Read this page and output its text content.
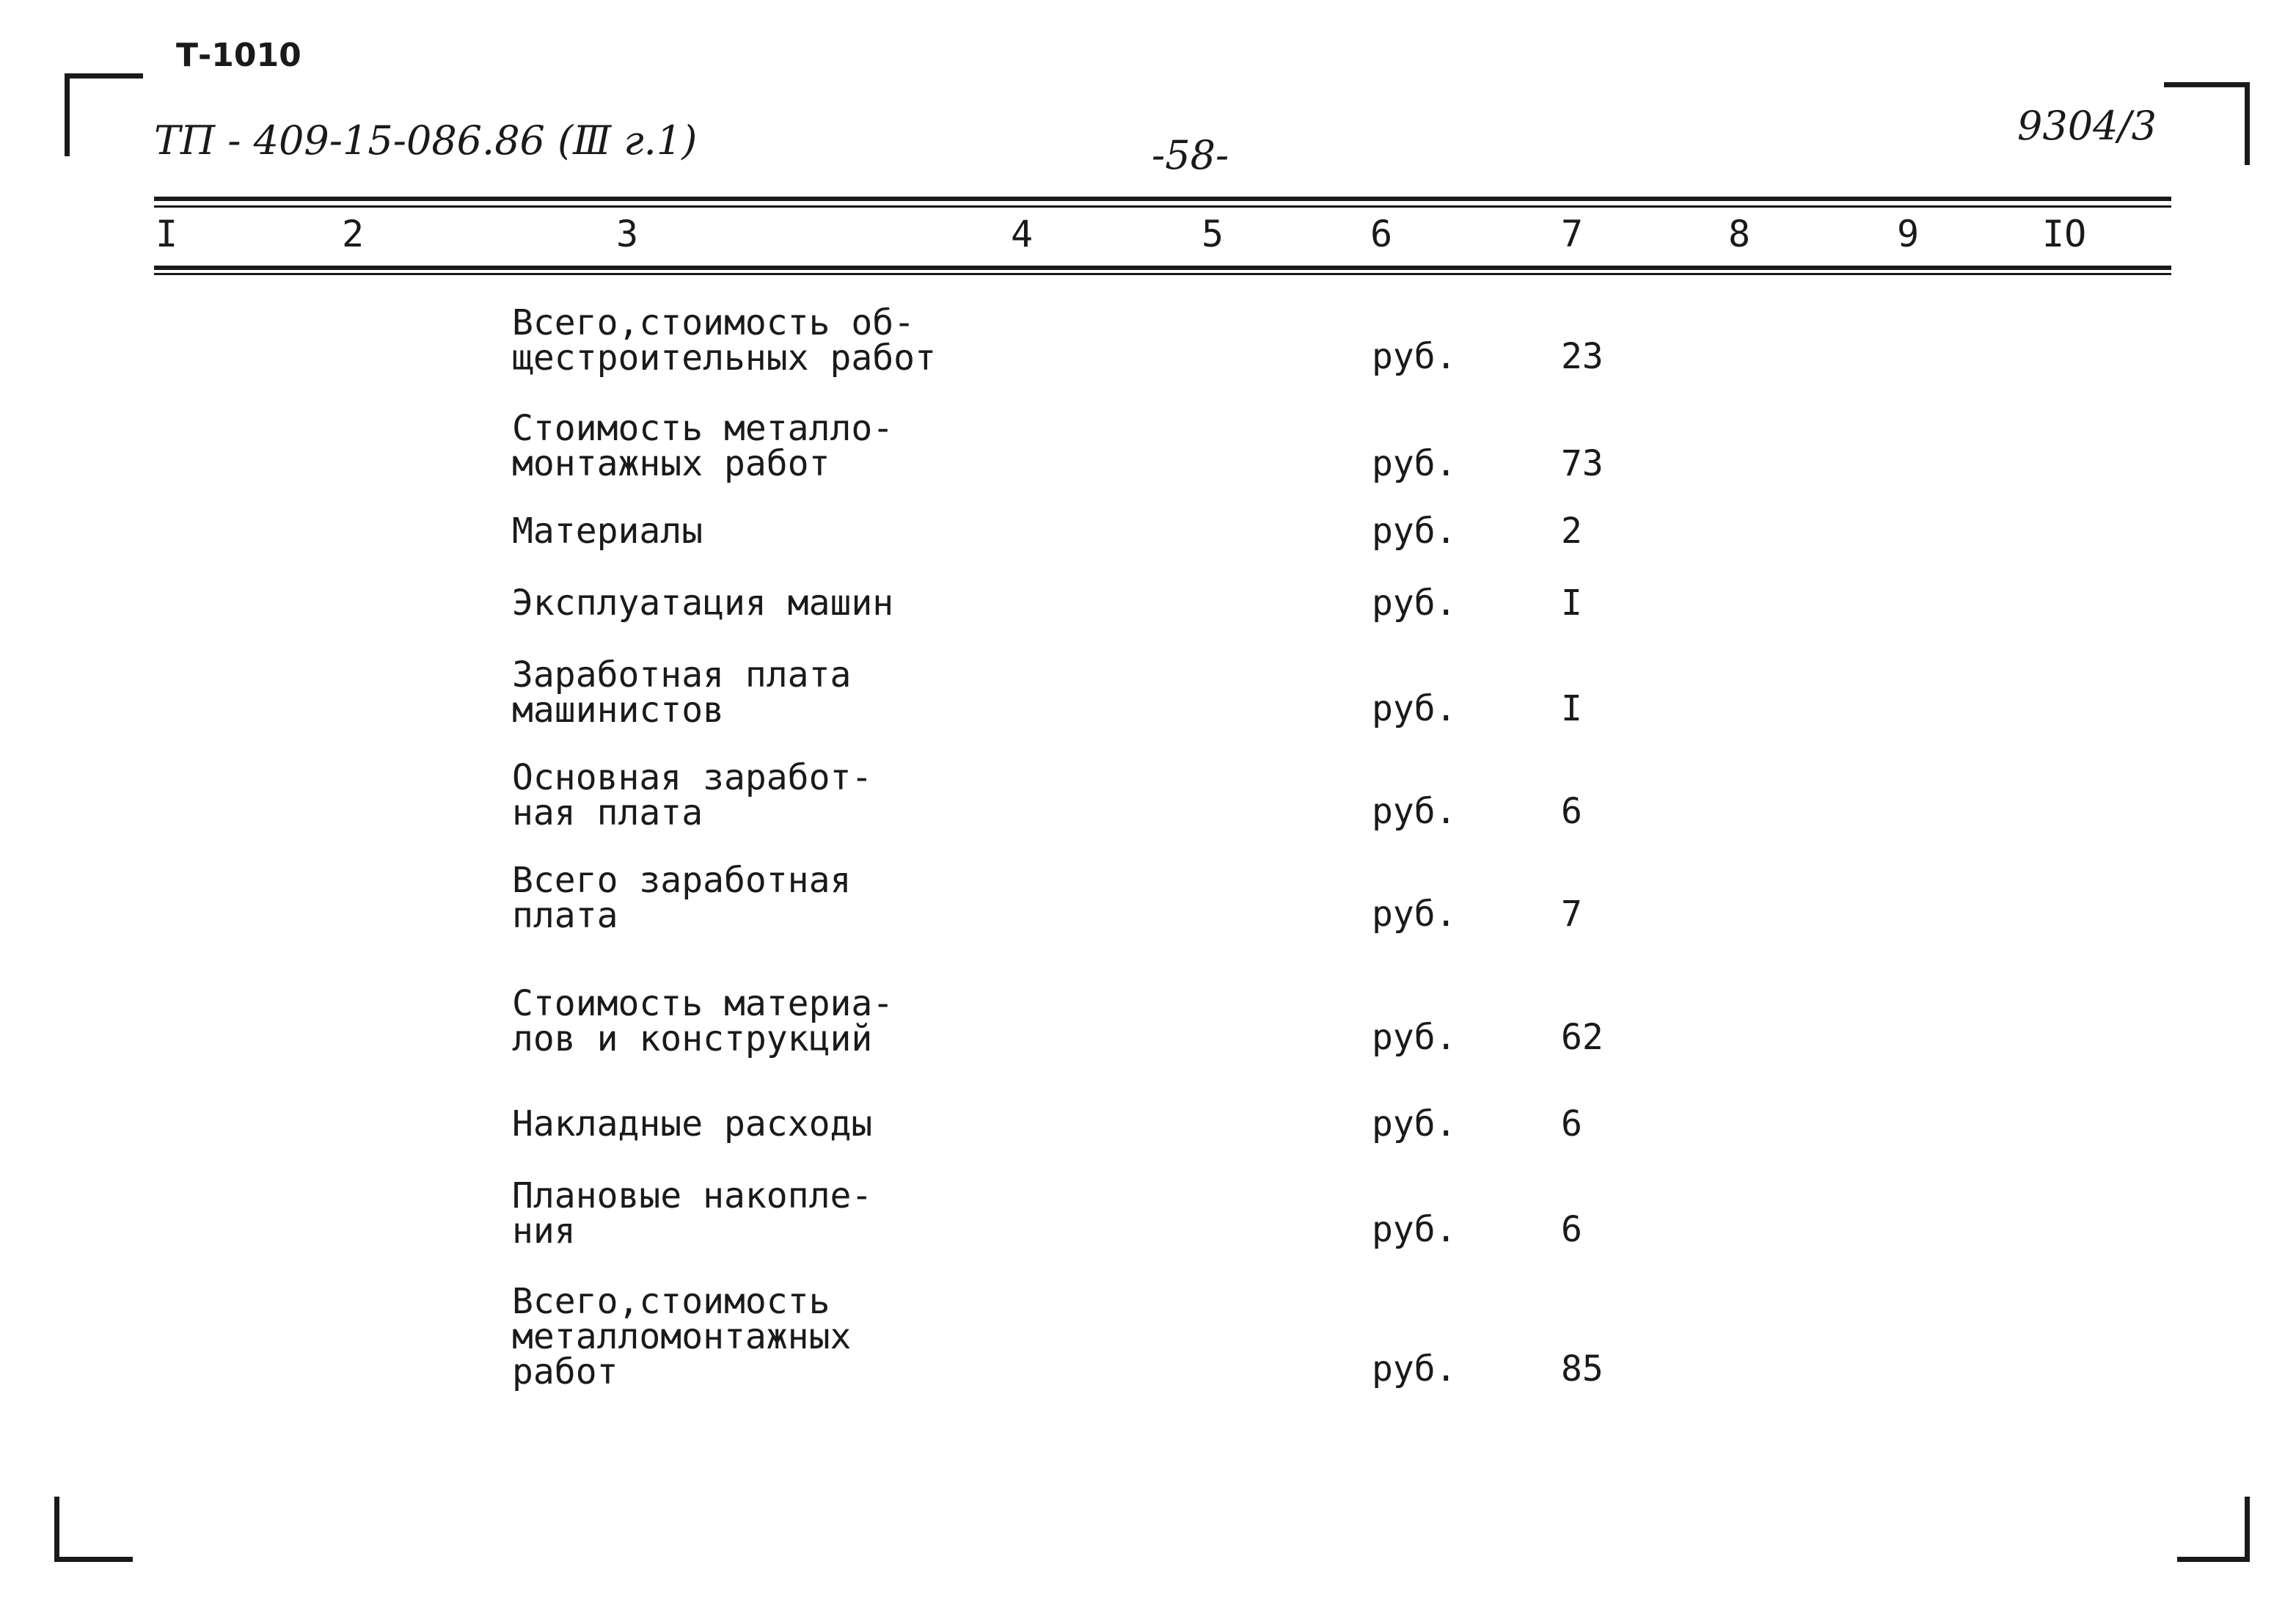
Т-1010
ТП - 409-15-086.86 (Ⅲ г.1)	-58-
9304/3
I	2	3	4	5	6	7	8	9	IO
Всего,стоимость об-
щестроительных работ	руб.	23
Стоимость металло-
монтажных работ	руб.	73
Материалы	руб.	2
Эксплуатация машин	руб.	I
Заработная плата
машинистов	руб.	I
Основная заработ-
ная плата	руб.	6
Всего заработная
плата	руб.	7
Стоимость материа-
лов и конструкций	руб.	62
Накладные расходы	руб.	6
Плановые накопле-
ния	руб.	6
Всего,стоимость
металломонтажных
работ	руб.	85
